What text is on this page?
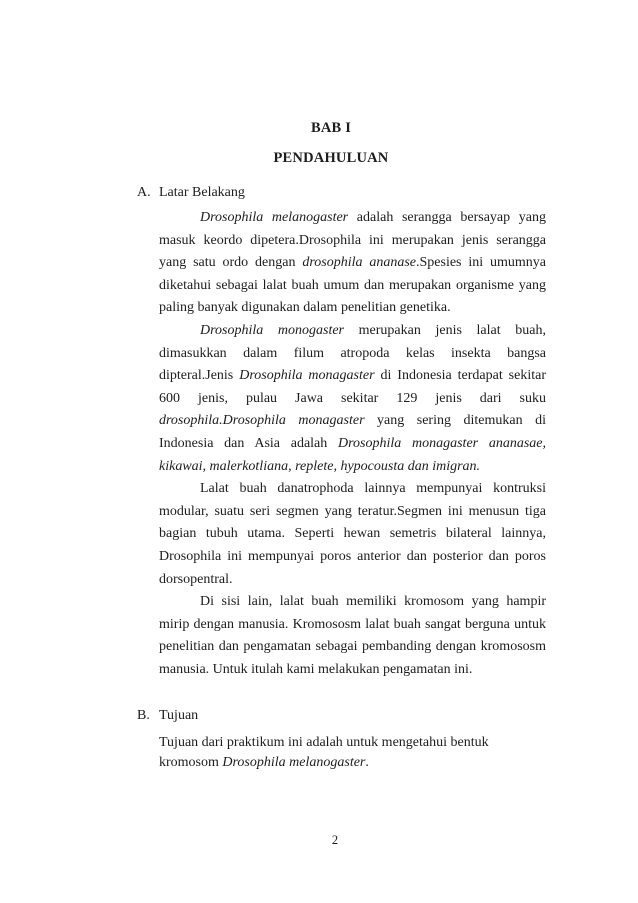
BAB I
PENDAHULUAN
A. Latar Belakang

Drosophila melanogaster adalah serangga bersayap yang masuk keordo dipetera.Drosophila ini merupakan jenis serangga yang satu ordo dengan drosophila ananase.Spesies ini umumnya diketahui sebagai lalat buah umum dan merupakan organisme yang paling banyak digunakan dalam penelitian genetika.

Drosophila monogaster merupakan jenis lalat buah, dimasukkan dalam filum atropoda kelas insekta bangsa dipteral.Jenis Drosophila monagaster di Indonesia terdapat sekitar 600 jenis, pulau Jawa sekitar 129 jenis dari suku drosophila.Drosophila monagaster yang sering ditemukan di Indonesia dan Asia adalah Drosophila monagaster ananasae, kikawai, malerkotliana, replete, hypocousta dan imigran.

Lalat buah danatrophoda lainnya mempunyai kontruksi modular, suatu seri segmen yang teratur.Segmen ini menusun tiga bagian tubuh utama. Seperti hewan semetris bilateral lainnya, Drosophila ini mempunyai poros anterior dan posterior dan poros dorsopentral.

Di sisi lain, lalat buah memiliki kromosom yang hampir mirip dengan manusia. Kromososm lalat buah sangat berguna untuk penelitian dan pengamatan sebagai pembanding dengan kromososm manusia. Untuk itulah kami melakukan pengamatan ini.

B. Tujuan

Tujuan dari praktikum ini adalah untuk mengetahui bentuk kromosom Drosophila melanogaster.

2
